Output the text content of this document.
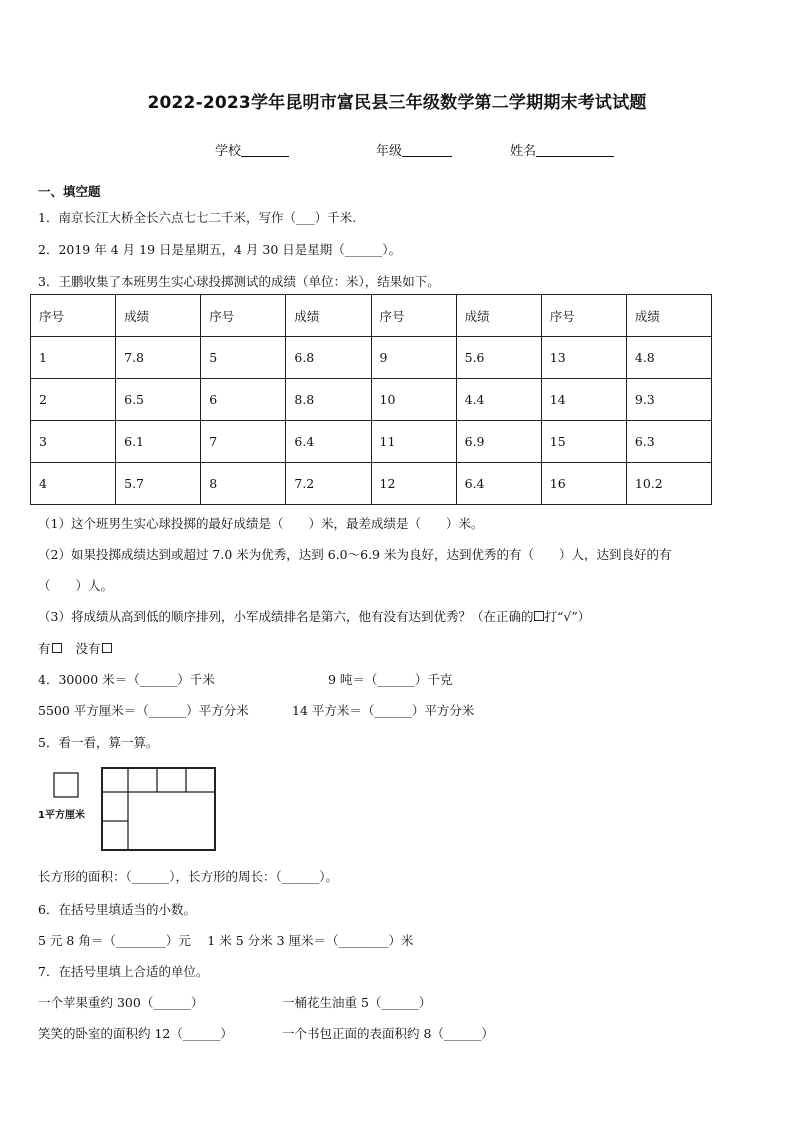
2022-2023学年昆明市富民县三年级数学第二学期期末考试试题
学校	年级	姓名
一、填空题
1．南京长江大桥全长六点七七二千米，写作（___）千米.
2．2019 年 4 月 19 日是星期五，4 月 30 日是星期（______）。
3．王鹏收集了本班男生实心球投掷测试的成绩（单位：米），结果如下。
序号	成绩	序号	成绩	序号	成绩	序号	成绩
1	7.8	5	6.8	9	5.6	13	4.8
2	6.5	6	8.8	10	4.4	14	9.3
3	6.1	7	6.4	11	6.9	15	6.3
4	5.7	8	7.2	12	6.4	16	10.2
（1）这个班男生实心球投掷的最好成绩是（　　）米，最差成绩是（　　）米。
（2）如果投掷成绩达到或超过 7.0 米为优秀，达到 6.0～6.9 米为良好，达到优秀的有（　　）人，达到良好的有
（　　）人。
（3）将成绩从高到低的顺序排列，小军成绩排名是第六，他有没有达到优秀？（在正确的 打“√”）
有 没有
4．30000 米＝（______）千米	9 吨＝（______）千克
5500 平方厘米＝（______）平方分米	14 平方米＝（______）平方分米
5．看一看，算一算。
1平方厘米
长方形的面积：（______），长方形的周长：（______）。
6．在括号里填适当的小数。
5 元 8 角＝（________）元　 1 米 5 分米 3 厘米＝（________）米
7．在括号里填上合适的单位。
一个苹果重约 300（______）	一桶花生油重 5（______）
笑笑的卧室的面积约 12（______）	一个书包正面的表面积约 8（______）
